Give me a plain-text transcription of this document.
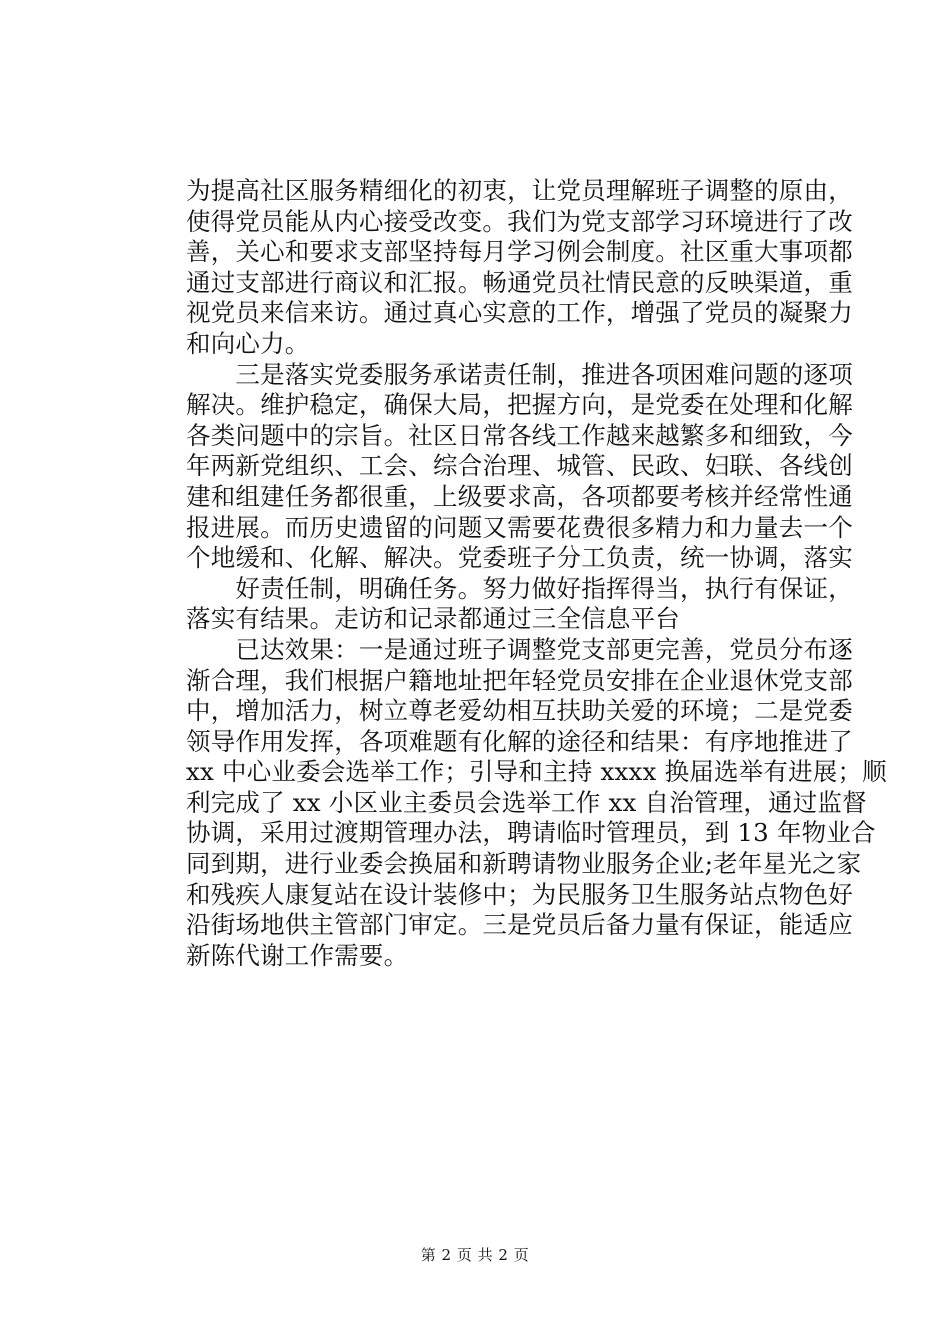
为提高社区服务精细化的初衷，让党员理解班子调整的原由，
使得党员能从内心接受改变。我们为党支部学习环境进行了改
善，关心和要求支部坚持每月学习例会制度。社区重大事项都
通过支部进行商议和汇报。畅通党员社情民意的反映渠道，重
视党员来信来访。通过真心实意的工作，增强了党员的凝聚力
和向心力。
　　三是落实党委服务承诺责任制，推进各项困难问题的逐项
解决。维护稳定，确保大局，把握方向，是党委在处理和化解
各类问题中的宗旨。社区日常各线工作越来越繁多和细致，今
年两新党组织、工会、综合治理、城管、民政、妇联、各线创
建和组建任务都很重，上级要求高，各项都要考核并经常性通
报进展。而历史遗留的问题又需要花费很多精力和力量去一个
个地缓和、化解、解决。党委班子分工负责，统一协调，落实
　　好责任制，明确任务。努力做好指挥得当，执行有保证，
落实有结果。走访和记录都通过三全信息平台
　　已达效果：一是通过班子调整党支部更完善，党员分布逐
渐合理，我们根据户籍地址把年轻党员安排在企业退休党支部
中，增加活力，树立尊老爱幼相互扶助关爱的环境；二是党委
领导作用发挥，各项难题有化解的途径和结果：有序地推进了
xx 中心业委会选举工作；引导和主持 xxxx 换届选举有进展；顺
利完成了 xx 小区业主委员会选举工作 xx 自治管理，通过监督
协调，采用过渡期管理办法，聘请临时管理员，到 13 年物业合
同到期，进行业委会换届和新聘请物业服务企业;老年星光之家
和残疾人康复站在设计装修中；为民服务卫生服务站点物色好
沿街场地供主管部门审定。三是党员后备力量有保证，能适应
新陈代谢工作需要。
第 2 页 共 2 页
